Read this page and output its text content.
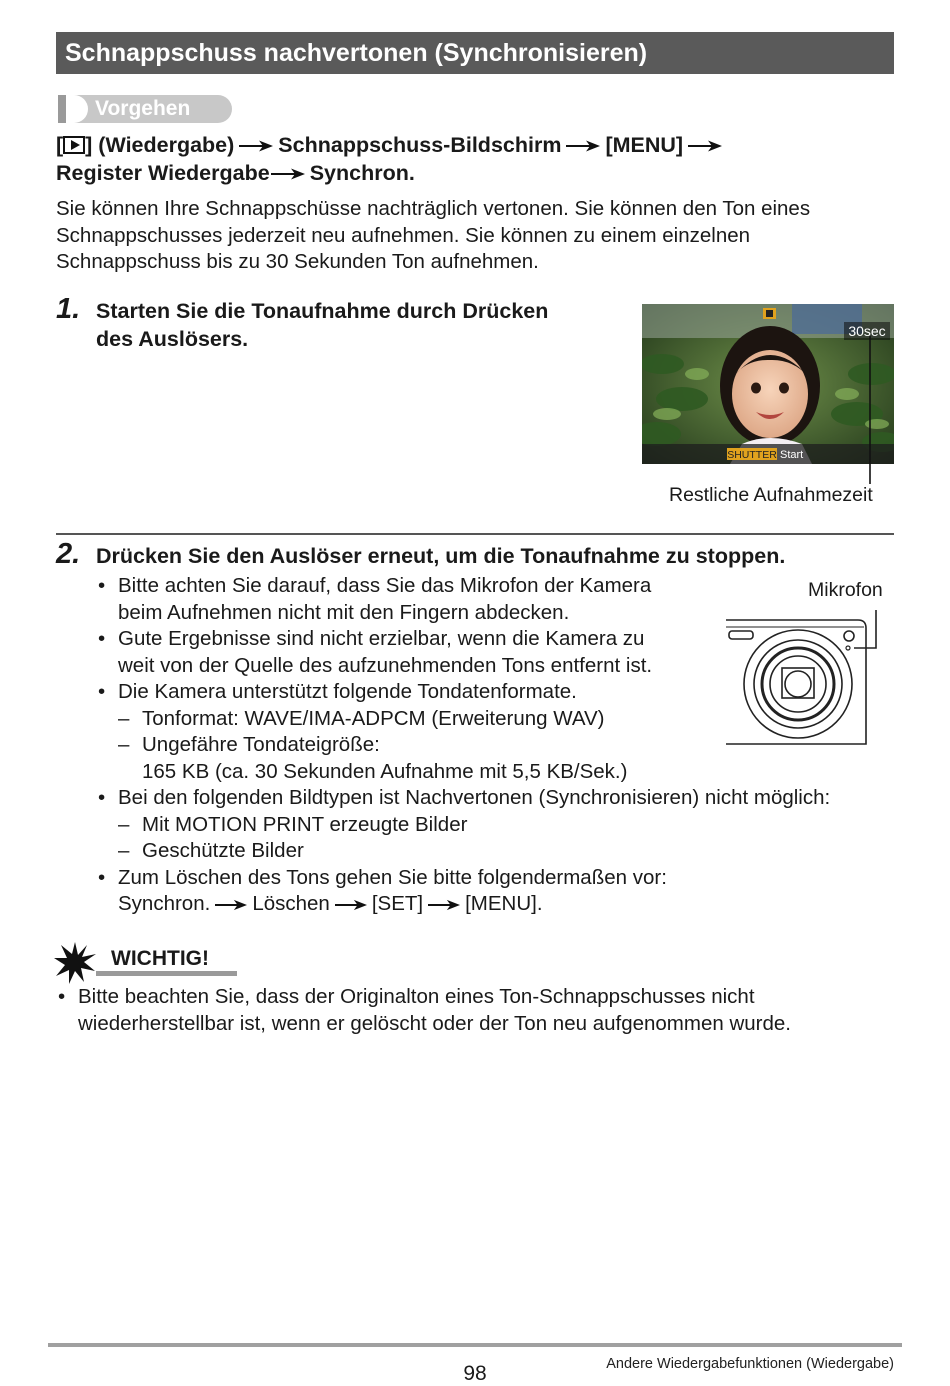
Schnappschuss nachvertonen (Synchronisieren)
Vorgehen
[ ] (Wiedergabe) Schnappschuss-Bildschirm [MENU]
Register Wiedergabe Synchron.
Sie können Ihre Schnappschüsse nachträglich vertonen. Sie können den Ton eines
Schnappschusses jederzeit neu aufnehmen. Sie können zu einem einzelnen
Schnappschuss bis zu 30 Sekunden Ton aufnehmen.
1. Starten Sie die Tonaufnahme durch Drücken
des Auslösers.
SHUTTER Start
30sec
Restliche Aufnahmezeit
2. Drücken Sie den Auslöser erneut, um die Tonaufnahme zu stoppen.
Mikrofon
• Bitte achten Sie darauf, dass Sie das Mikrofon der Kamera
beim Aufnehmen nicht mit den Fingern abdecken.
• Gute Ergebnisse sind nicht erzielbar, wenn die Kamera zu
weit von der Quelle des aufzunehmenden Tons entfernt ist.
• Die Kamera unterstützt folgende Tondatenformate.
– Tonformat: WAVE/IMA-ADPCM (Erweiterung WAV)
– Ungefähre Tondateigröße:
165 KB (ca. 30 Sekunden Aufnahme mit 5,5 KB/Sek.)
• Bei den folgenden Bildtypen ist Nachvertonen (Synchronisieren) nicht möglich:
– Mit MOTION PRINT erzeugte Bilder
– Geschützte Bilder
• Zum Löschen des Tons gehen Sie bitte folgendermaßen vor:
Synchron. Löschen [SET] [MENU].
WICHTIG!
• Bitte beachten Sie, dass der Originalton eines Ton-Schnappschusses nicht
wiederherstellbar ist, wenn er gelöscht oder der Ton neu aufgenommen wurde.
98	Andere Wiedergabefunktionen (Wiedergabe)
